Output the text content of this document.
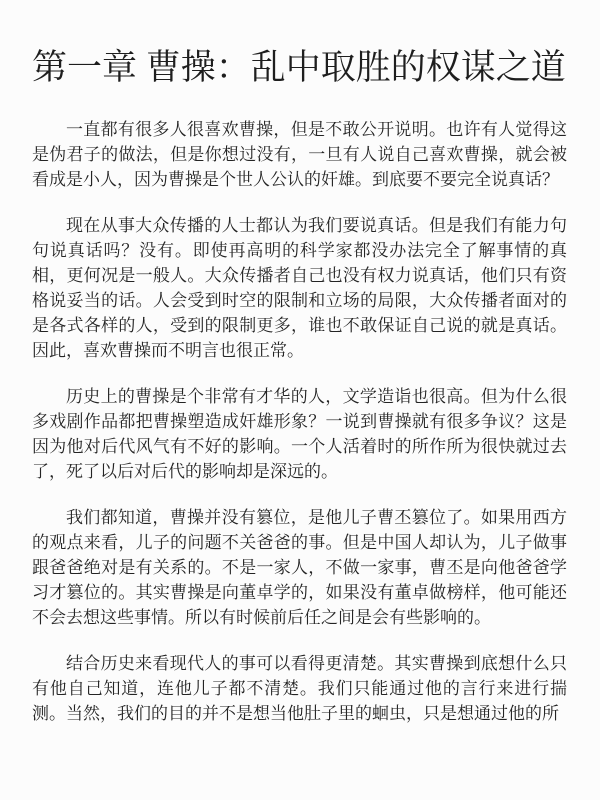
第一章 曹操：乱中取胜的权谋之道

一直都有很多人很喜欢曹操，但是不敢公开说明。也许有人觉得这是伪君子的做法，但是你想过没有，一旦有人说自己喜欢曹操，就会被看成是小人，因为曹操是个世人公认的奸雄。到底要不要完全说真话？

现在从事大众传播的人士都认为我们要说真话。但是我们有能力句句说真话吗？没有。即使再高明的科学家都没办法完全了解事情的真相，更何况是一般人。大众传播者自己也没有权力说真话，他们只有资格说妥当的话。人会受到时空的限制和立场的局限，大众传播者面对的是各式各样的人，受到的限制更多，谁也不敢保证自己说的就是真话。因此，喜欢曹操而不明言也很正常。

历史上的曹操是个非常有才华的人，文学造诣也很高。但为什么很多戏剧作品都把曹操塑造成奸雄形象？一说到曹操就有很多争议？这是因为他对后代风气有不好的影响。一个人活着时的所作所为很快就过去了，死了以后对后代的影响却是深远的。

我们都知道，曹操并没有篡位，是他儿子曹丕篡位了。如果用西方的观点来看，儿子的问题不关爸爸的事。但是中国人却认为，儿子做事跟爸爸绝对是有关系的。不是一家人，不做一家事，曹丕是向他爸爸学习才篡位的。其实曹操是向董卓学的，如果没有董卓做榜样，他可能还不会去想这些事情。所以有时候前后任之间是会有些影响的。

结合历史来看现代人的事可以看得更清楚。其实曹操到底想什么只有他自己知道，连他儿子都不清楚。我们只能通过他的言行来进行揣测。当然，我们的目的并不是想当他肚子里的蛔虫，只是想通过他的所
